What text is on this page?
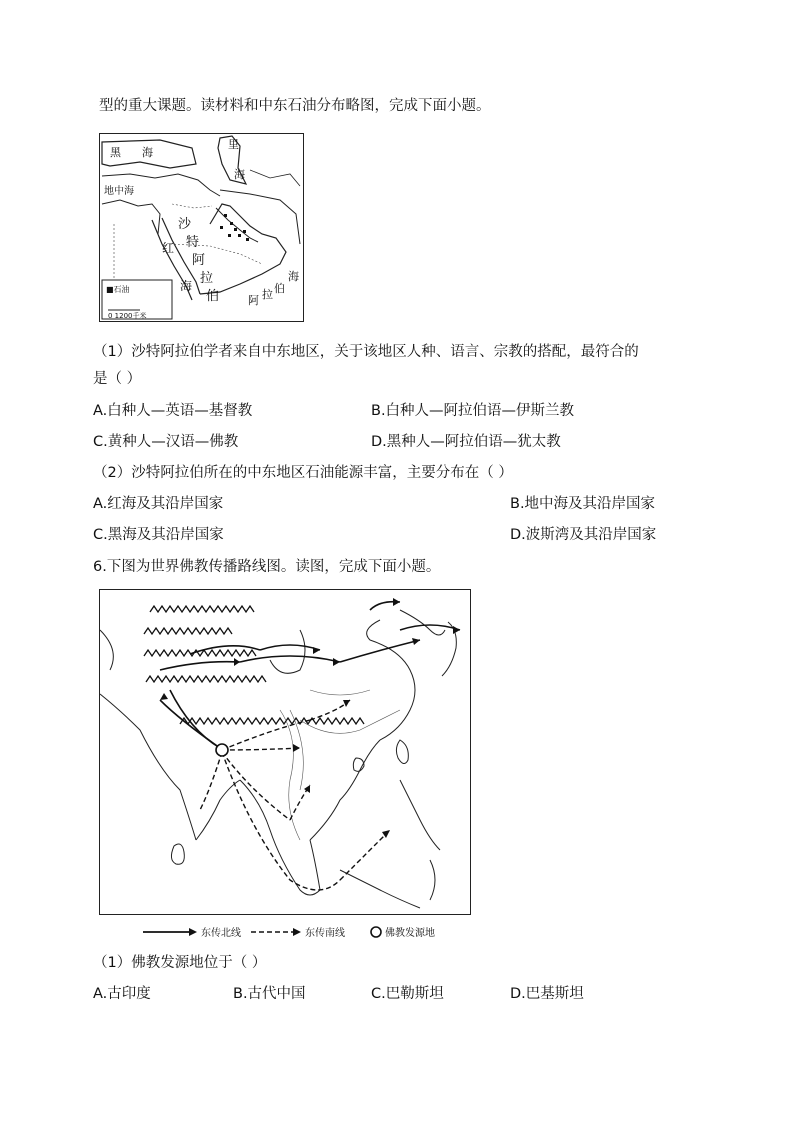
型的重大课题。读材料和中东石油分布略图，完成下面小题。
黑 海
里
海
地中海
沙
特
阿
拉
伯
红
海
海
伯
拉
阿
■石油
0 1200千米
（1）沙特阿拉伯学者来自中东地区，关于该地区人种、语言、宗教的搭配，最符合的
是（ ）
A.白种人—英语—基督教	B.白种人—阿拉伯语—伊斯兰教
C.黄种人—汉语—佛教	D.黑种人—阿拉伯语—犹太教
（2）沙特阿拉伯所在的中东地区石油能源丰富，主要分布在（ ）
A.红海及其沿岸国家	B.地中海及其沿岸国家
C.黑海及其沿岸国家	D.波斯湾及其沿岸国家
6.下图为世界佛教传播路线图。读图，完成下面小题。
东传北线	东传南线	佛教发源地
（1）佛教发源地位于（ ）
A.古印度	B.古代中国	C.巴勒斯坦	D.巴基斯坦
